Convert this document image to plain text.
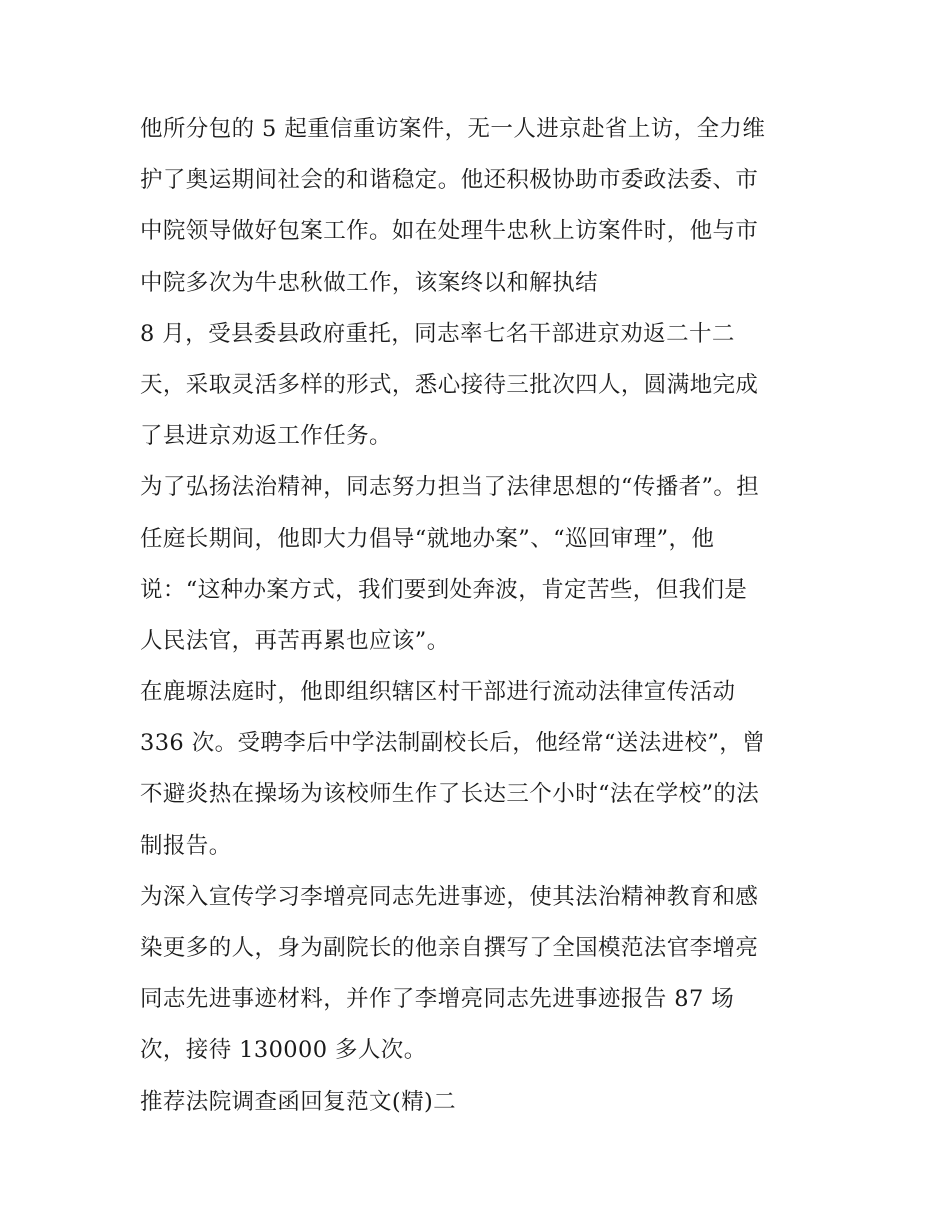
他所分包的 5 起重信重访案件，无一人进京赴省上访，全力维
护了奥运期间社会的和谐稳定。他还积极协助市委政法委、市
中院领导做好包案工作。如在处理牛忠秋上访案件时，他与市
中院多次为牛忠秋做工作，该案终以和解执结
8 月，受县委县政府重托，同志率七名干部进京劝返二十二
天，采取灵活多样的形式，悉心接待三批次四人，圆满地完成
了县进京劝返工作任务。
为了弘扬法治精神，同志努力担当了法律思想的“传播者”。担
任庭长期间，他即大力倡导“就地办案”、“巡回审理”，他
说：“这种办案方式，我们要到处奔波，肯定苦些，但我们是
人民法官，再苦再累也应该”。
在鹿塬法庭时，他即组织辖区村干部进行流动法律宣传活动
336 次。受聘李后中学法制副校长后，他经常“送法进校”，曾
不避炎热在操场为该校师生作了长达三个小时“法在学校”的法
制报告。
为深入宣传学习李增亮同志先进事迹，使其法治精神教育和感
染更多的人，身为副院长的他亲自撰写了全国模范法官李增亮
同志先进事迹材料，并作了李增亮同志先进事迹报告 87 场
次，接待 130000 多人次。
推荐法院调查函回复范文(精)二
